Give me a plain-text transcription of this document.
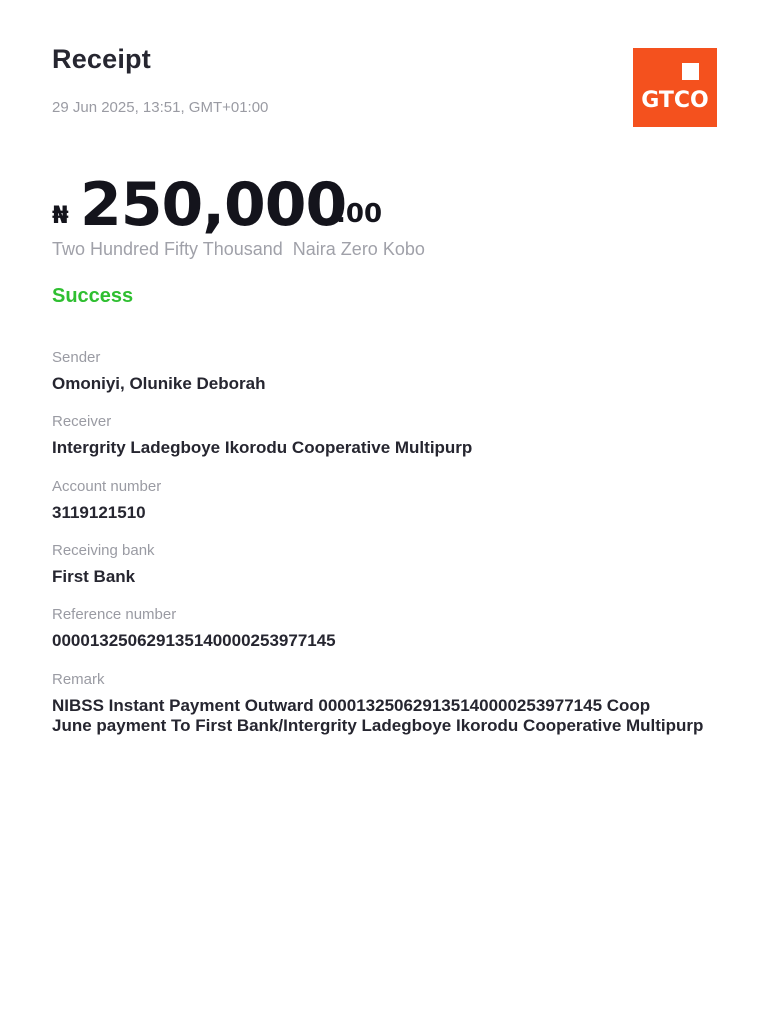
Receipt
29 Jun 2025, 13:51, GMT+01:00	GTCO
₦ 250,000
.00
Two Hundred Fifty Thousand  Naira Zero Kobo
Success
Sender
Omoniyi, Olunike Deborah
Receiver
Intergrity Ladegboye Ikorodu Cooperative Multipurp
Account number
3119121510
Receiving bank
First Bank
Reference number
000013250629135140000253977145
Remark
NIBSS Instant Payment Outward 000013250629135140000253977145 Coop
June payment To First Bank/Intergrity Ladegboye Ikorodu Cooperative Multipurp
